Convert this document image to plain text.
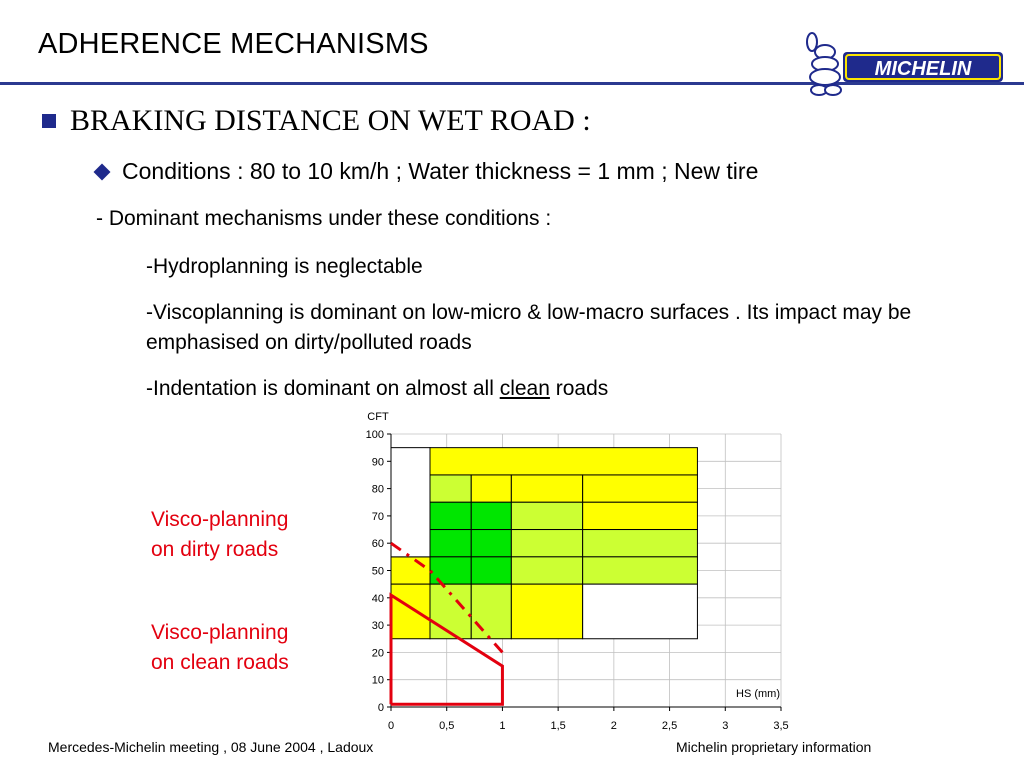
ADHERENCE MECHANISMS
MICHELIN
BRAKING DISTANCE ON WET ROAD :
Conditions : 80 to 10 km/h ; Water thickness = 1 mm ; New tire
- Dominant mechanisms under these conditions :
-Hydroplanning is neglectable
-Viscoplanning is dominant on low-micro & low-macro surfaces . Its impact may be emphasised on dirty/polluted roads
-Indentation is dominant on almost all clean roads
Visco-planning
on dirty roads
Visco-planning
on clean roads
0
10
20
30
40
50
60
70
80
90
100
0	0,5	1	1,5	2	2,5	3	3,5
CFT
HS (mm)
Mercedes-Michelin meeting , 08 June 2004 , Ladoux	Michelin proprietary information
